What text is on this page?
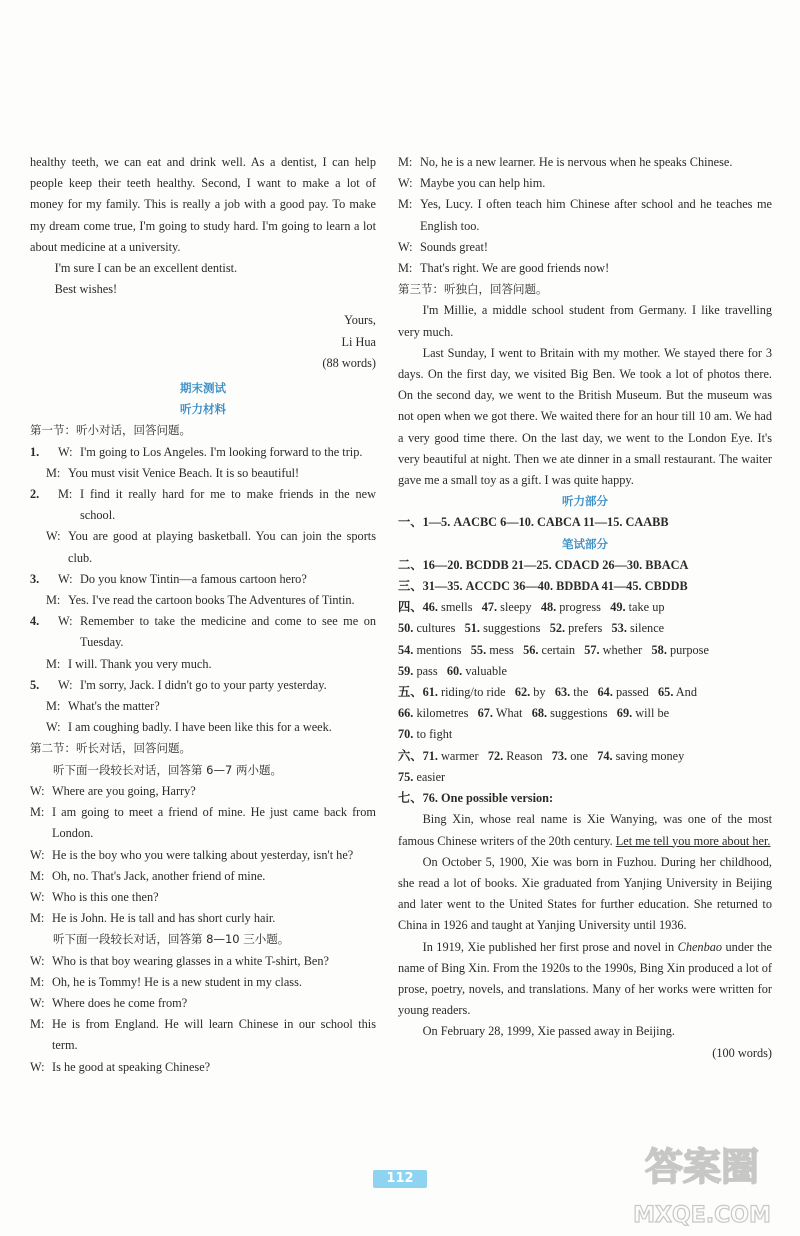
healthy teeth, we can eat and drink well. As a dentist, I can help people keep their teeth healthy. Second, I want to make a lot of money for my family. This is really a job with a good pay. To make my dream come true, I'm going to study hard. I'm going to learn a lot about medicine at a university.

I'm sure I can be an excellent dentist.

Best wishes!

Yours,

Li Hua

(88 words)

期末测试

听力材料

第一节：听小对话，回答问题。

1.	W: I'm going to Los Angeles. I'm looking forward to the trip.
M: You must visit Venice Beach. It is so beautiful!
2.	M: I find it really hard for me to make friends in the new school.
W: You are good at playing basketball. You can join the sports club.
3.	W: Do you know Tintin—a famous cartoon hero?
M: Yes. I've read the cartoon books The Adventures of Tintin.
4.	W: Remember to take the medicine and come to see me on Tuesday.
M: I will. Thank you very much.
5.	W: I'm sorry, Jack. I didn't go to your party yesterday.
M: What's the matter?
W: I am coughing badly. I have been like this for a week.

第二节：听长对话，回答问题。

听下面一段较长对话，回答第 6—7 两小题。

W: Where are you going, Harry?
M: I am going to meet a friend of mine. He just came back from London.
W: He is the boy who you were talking about yesterday, isn't he?
M: Oh, no. That's Jack, another friend of mine.
W: Who is this one then?
M: He is John. He is tall and has short curly hair.

听下面一段较长对话，回答第 8—10 三小题。

W: Who is that boy wearing glasses in a white T-shirt, Ben?
M: Oh, he is Tommy! He is a new student in my class.
W: Where does he come from?
M: He is from England. He will learn Chinese in our school this term.
W: Is he good at speaking Chinese?
M: No, he is a new learner. He is nervous when he speaks Chinese.
W: Maybe you can help him.
M: Yes, Lucy. I often teach him Chinese after school and he teaches me English too.
W: Sounds great!
M: That's right. We are good friends now!

第三节：听独白，回答问题。

I'm Millie, a middle school student from Germany. I like travelling very much.

Last Sunday, I went to Britain with my mother. We stayed there for 3 days. On the first day, we visited Big Ben. We took a lot of photos there. On the second day, we went to the British Museum. But the museum was not open when we got there. We waited there for an hour till 10 am. We had a very good time there. On the last day, we went to the London Eye. It's very beautiful at night. Then we ate dinner in a small restaurant. The waiter gave me a small toy as a gift. I was quite happy.

听力部分

一、1—5. AACBC 6—10. CABCA 11—15. CAABB

笔试部分

二、16—20. BCDDB 21—25. CDACD 26—30. BBACA

三、31—35. ACCDC 36—40. BDBDA 41—45. CBDDB

四、46. smells 47. sleepy 48. progress 49. take up

50. cultures 51. suggestions 52. prefers 53. silence

54. mentions 55. mess 56. certain 57. whether 58. purpose

59. pass 60. valuable

五、61. riding/to ride 62. by 63. the 64. passed 65. And

66. kilometres 67. What 68. suggestions 69. will be

70. to fight

六、71. warmer 72. Reason 73. one 74. saving money

75. easier

七、76. One possible version:

Bing Xin, whose real name is Xie Wanying, was one of the most famous Chinese writers of the 20th century. Let me tell you more about her.

On October 5, 1900, Xie was born in Fuzhou. During her childhood, she read a lot of books. Xie graduated from Yanjing University in Beijing and later went to the United States for further education. She returned to China in 1926 and taught at Yanjing University until 1936.

In 1919, Xie published her first prose and novel in Chenbao under the name of Bing Xin. From the 1920s to the 1990s, Bing Xin produced a lot of prose, poetry, novels, and translations. Many of her works were written for young readers.

On February 28, 1999, Xie passed away in Beijing.

(100 words)

112	答案圈
MXQE.COM
